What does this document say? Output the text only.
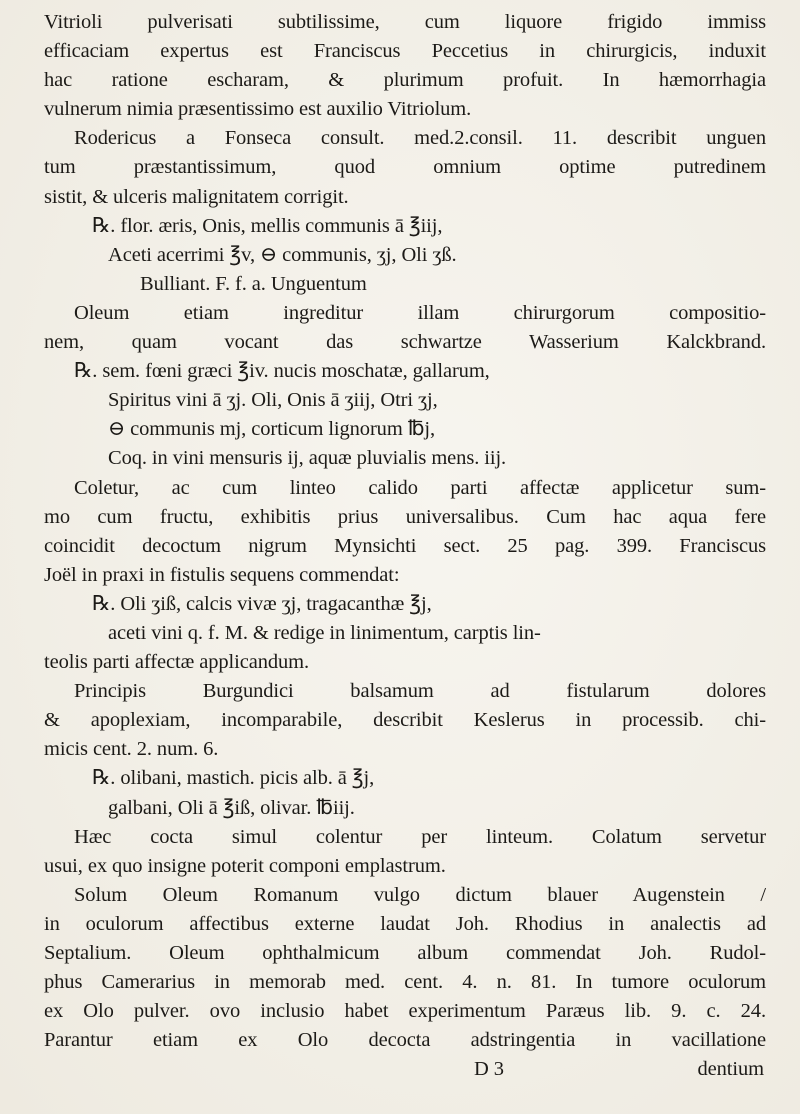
Vitrioli pulverisati subtilissime, cum liquore frigido immiss
efficaciam expertus est Franciscus Peccetius in chirurgicis, induxit
hac ratione escharam, & plurimum profuit. In hæmorrhagia
vulnerum nimia præsentissimo est auxilio Vitriolum.
Rodericus a Fonseca consult. med.2.consil. 11. describit unguen
tum præstantissimum, quod omnium optime putredinem
sistit, & ulceris malignitatem corrigit.
℞. flor. æris, Onis, mellis communis ā ℥iij,
Aceti acerrimi ℥v, ⊖ communis, ʒj, Oli ʒß.
Bulliant. F. f. a. Unguentum
Oleum etiam ingreditur illam chirurgorum compositio-
nem, quam vocant das schwartze Wasserium Kalckbrand.
℞. sem. fœni græci ℥iv. nucis moschatæ, gallarum,
Spiritus vini ā ʒj. Oli, Onis ā ʒiij, Otri ʒj,
⊖ communis mj, corticum lignorum ℔j,
Coq. in vini mensuris ij, aquæ pluvialis mens. iij.
Coletur, ac cum linteo calido parti affectæ applicetur sum-
mo cum fructu, exhibitis prius universalibus. Cum hac aqua fere
coincidit decoctum nigrum Mynsichti sect. 25 pag. 399. Franciscus
Joël in praxi in fistulis sequens commendat:
℞. Oli ʒiß, calcis vivæ ʒj, tragacanthæ ℥j,
aceti vini q. f. M. & redige in linimentum, carptis lin-
teolis parti affectæ applicandum.
Principis Burgundici balsamum ad fistularum dolores
& apoplexiam, incomparabile, describit Keslerus in processib. chi-
micis cent. 2. num. 6.
℞. olibani, mastich. picis alb. ā ℥j,
galbani, Oli ā ℥iß, olivar. ℔iij.
Hæc cocta simul colentur per linteum. Colatum servetur
usui, ex quo insigne poterit componi emplastrum.
Solum Oleum Romanum vulgo dictum blauer Augenstein /
in oculorum affectibus externe laudat Joh. Rhodius in analectis ad
Septalium. Oleum ophthalmicum album commendat Joh. Rudol-
phus Camerarius in memorab med. cent. 4. n. 81. In tumore oculorum
ex Olo pulver. ovo inclusio habet experimentum Paræus lib. 9. c. 24.
Parantur etiam ex Olo decocta adstringentia in vacillatione
D 3	dentium
